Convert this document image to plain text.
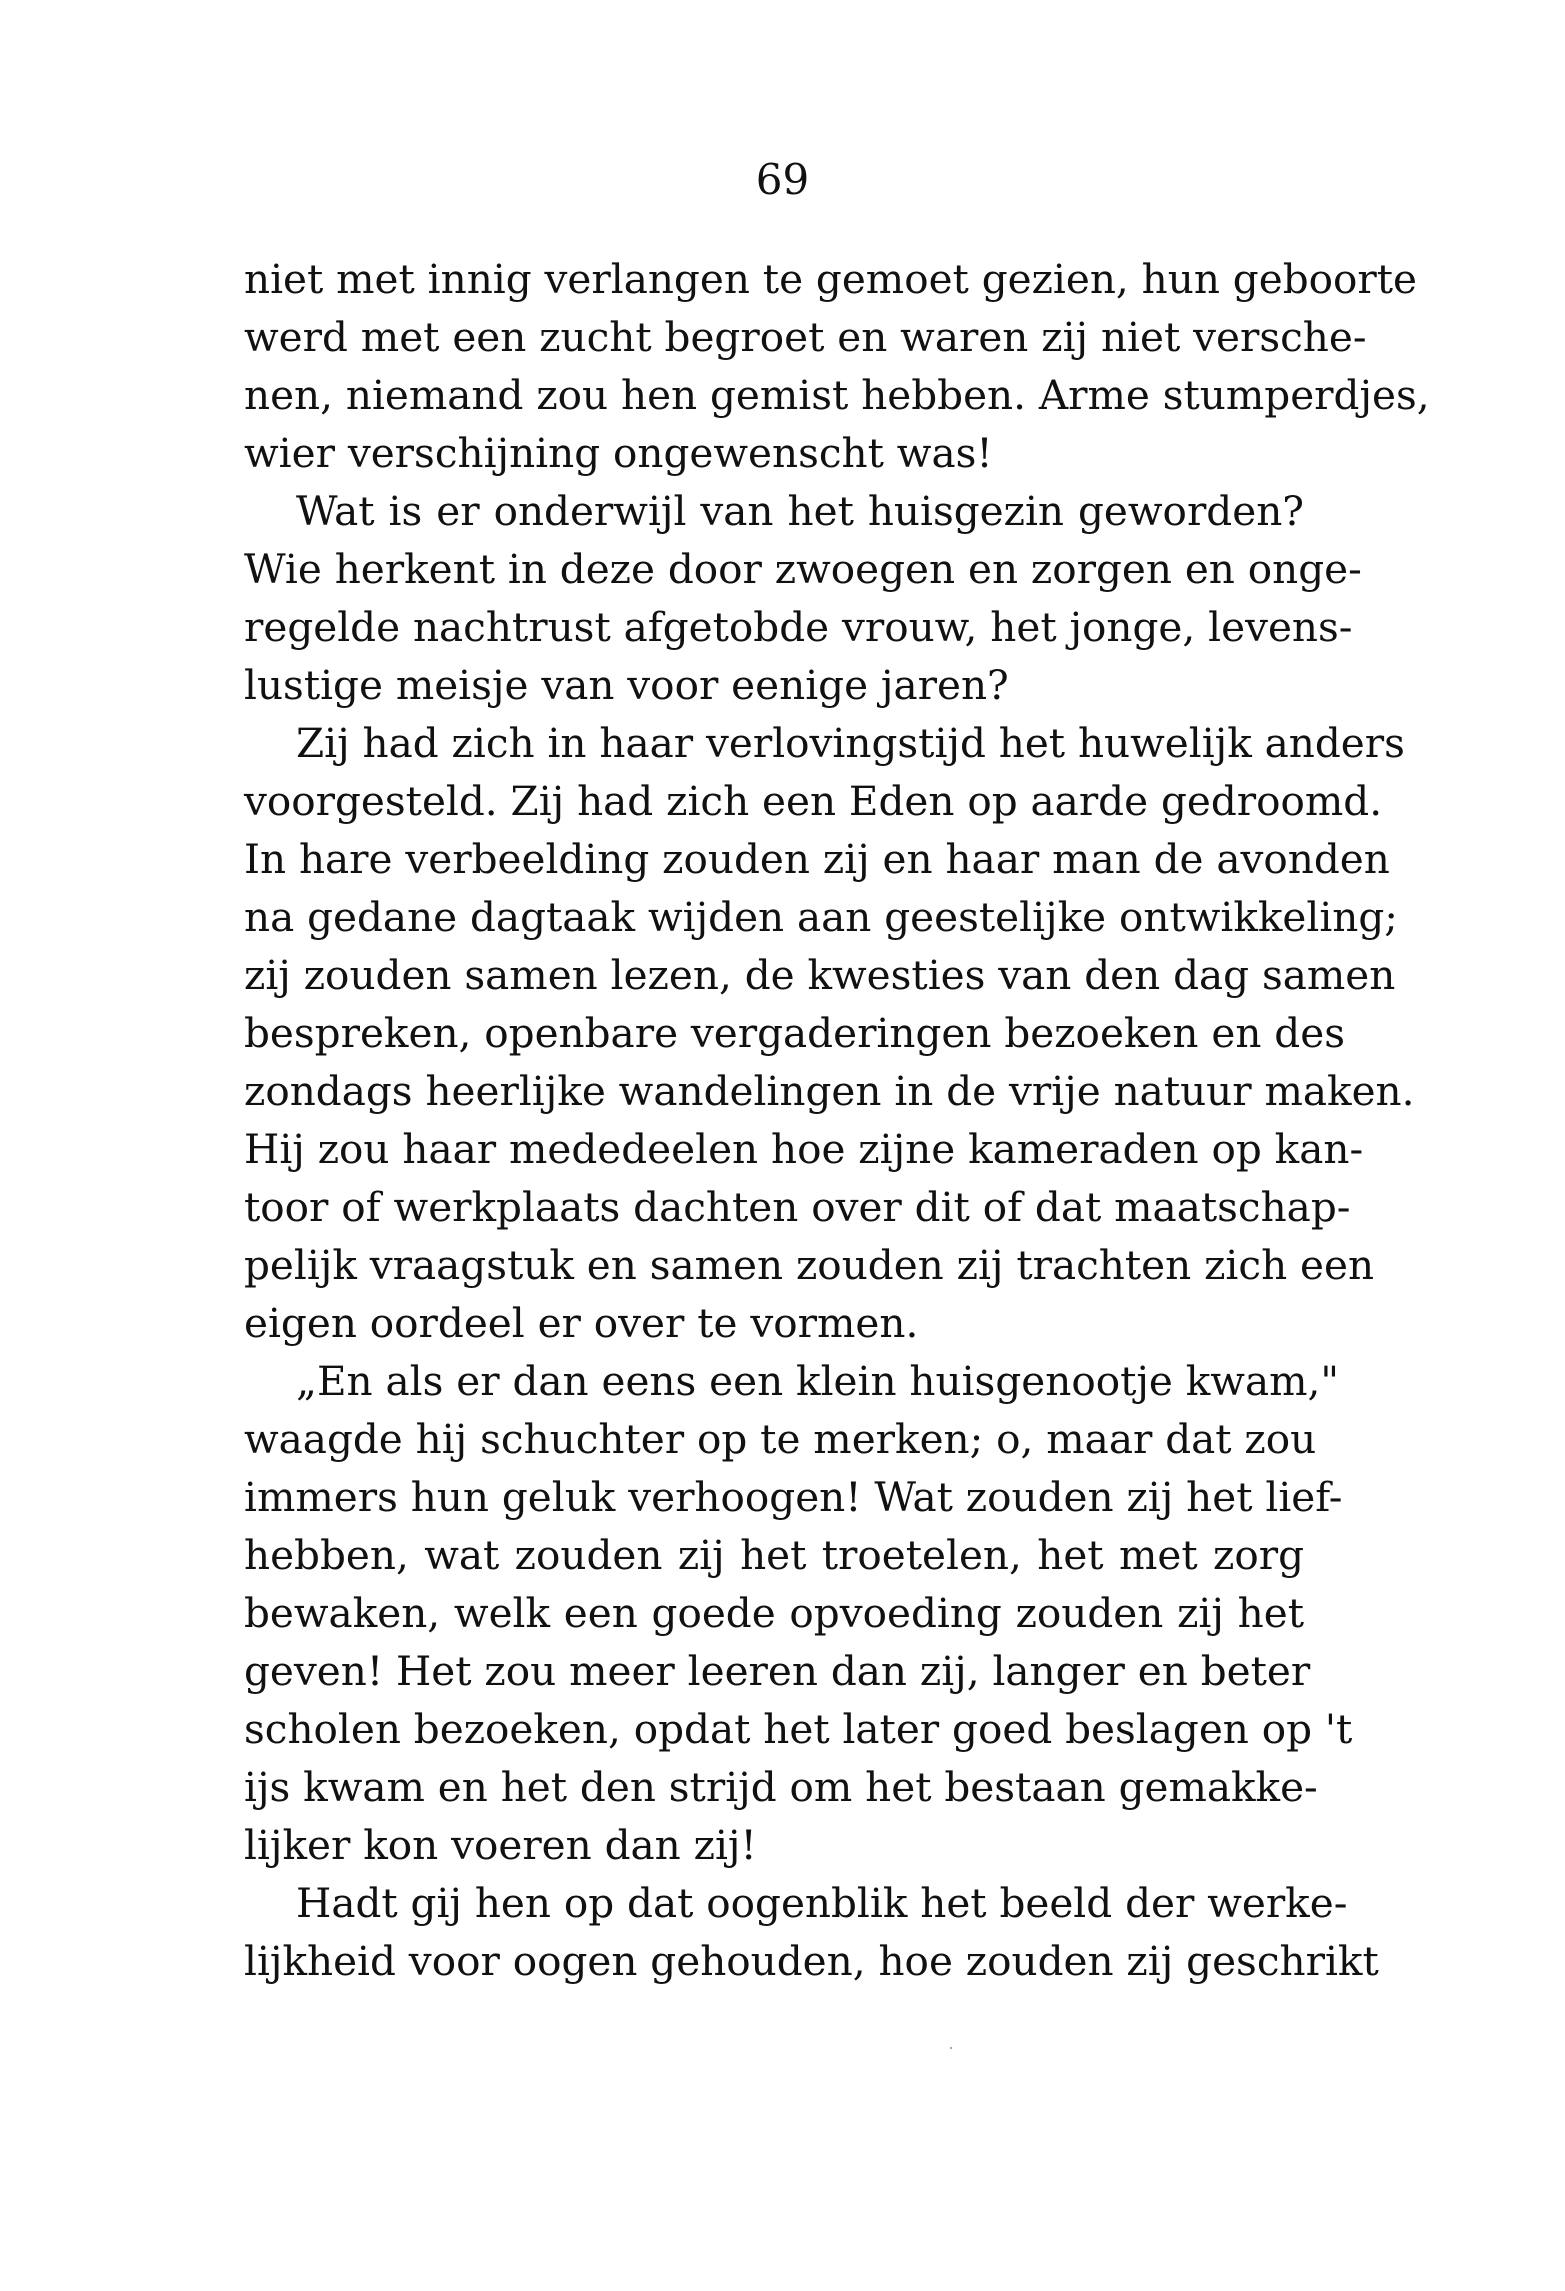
69
niet met innig verlangen te gemoet gezien, hun geboorte
werd met een zucht begroet en waren zij niet verschе-
nen, niemand zou hen gemist hebben. Arme stumperdjes,
wier verschijning ongewenscht was!
Wat is er onderwijl van het huisgezin geworden?
Wie herkent in deze door zwoegen en zorgen en onge-
regelde nachtrust afgetobde vrouw, het jonge, levens-
lustige meisje van voor eenige jaren?
Zij had zich in haar verlovingstijd het huwelijk anders
voorgesteld. Zij had zich een Eden op aarde gedroomd.
In hare verbeelding zouden zij en haar man de avonden
na gedane dagtaak wijden aan geestelijke ontwikkeling;
zij zouden samen lezen, de kwesties van den dag samen
bespreken, openbare vergaderingen bezoeken en des
zondags heerlijke wandelingen in de vrije natuur maken.
Hij zou haar mededeelen hoe zijne kameraden op kan-
toor of werkplaats dachten over dit of dat maatschap-
pelijk vraagstuk en samen zouden zij trachten zich een
eigen oordeel er over te vormen.
„En als er dan eens een klein huisgenootje kwam,"
waagde hij schuchter op te merken; o, maar dat zou
immers hun geluk verhoogen! Wat zouden zij het lief-
hebben, wat zouden zij het troetelen, het met zorg
bewaken, welk een goede opvoeding zouden zij het
geven! Het zou meer leeren dan zij, langer en beter
scholen bezoeken, opdat het later goed beslagen op 't
ijs kwam en het den strijd om het bestaan gemakke-
lijker kon voeren dan zij!
Hadt gij hen op dat oogenblik het beeld der werke-
lijkheid voor oogen gehouden, hoe zouden zij geschrikt
